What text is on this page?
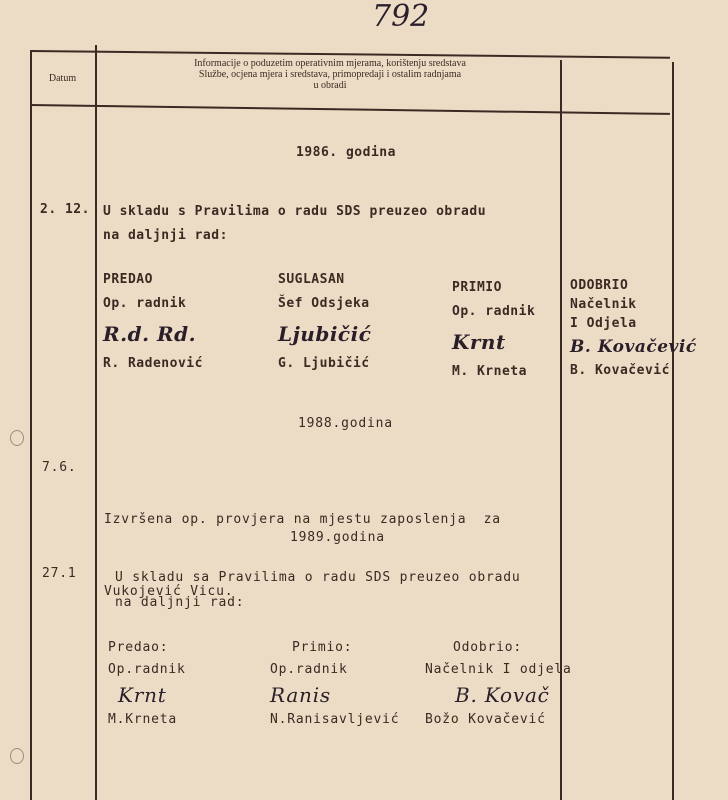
792
Datum
Informacije o poduzetim operativnim mjerama, korištenju sredstava
Službe, ocjena mjera i sredstava, primopredaji i ostalim radnjama
u obradi
1986. godina
2. 12. U skladu s Pravilima o radu SDS preuzeo obradu
na daljnji rad:
PREDAO
Op. radnik
R.d. Rd.
R. Radenović
SUGLASAN
Šef Odsjeka
Ljubičić
G. Ljubičić
PRIMIO
Op. radnik
Krnt
M. Krneta
ODOBRIO
Načelnik
I Odjela
B. Kovačević
B. Kovačević
1988.godina
7.6.

Izvršena op. provjera na mjestu zaposlenja  za

Vukojević Vicu.

1989.godina
27.1	U skladu sa Pravilima o radu SDS preuzeo obradu
na daljnji rad:
Predao:
Op.radnik
Krnt
M.Krneta
Primio:
Op.radnik
Ranis
N.Ranisavljević
Odobrio:
Načelnik I odjela
B. Kovač
Božo Kovačević
